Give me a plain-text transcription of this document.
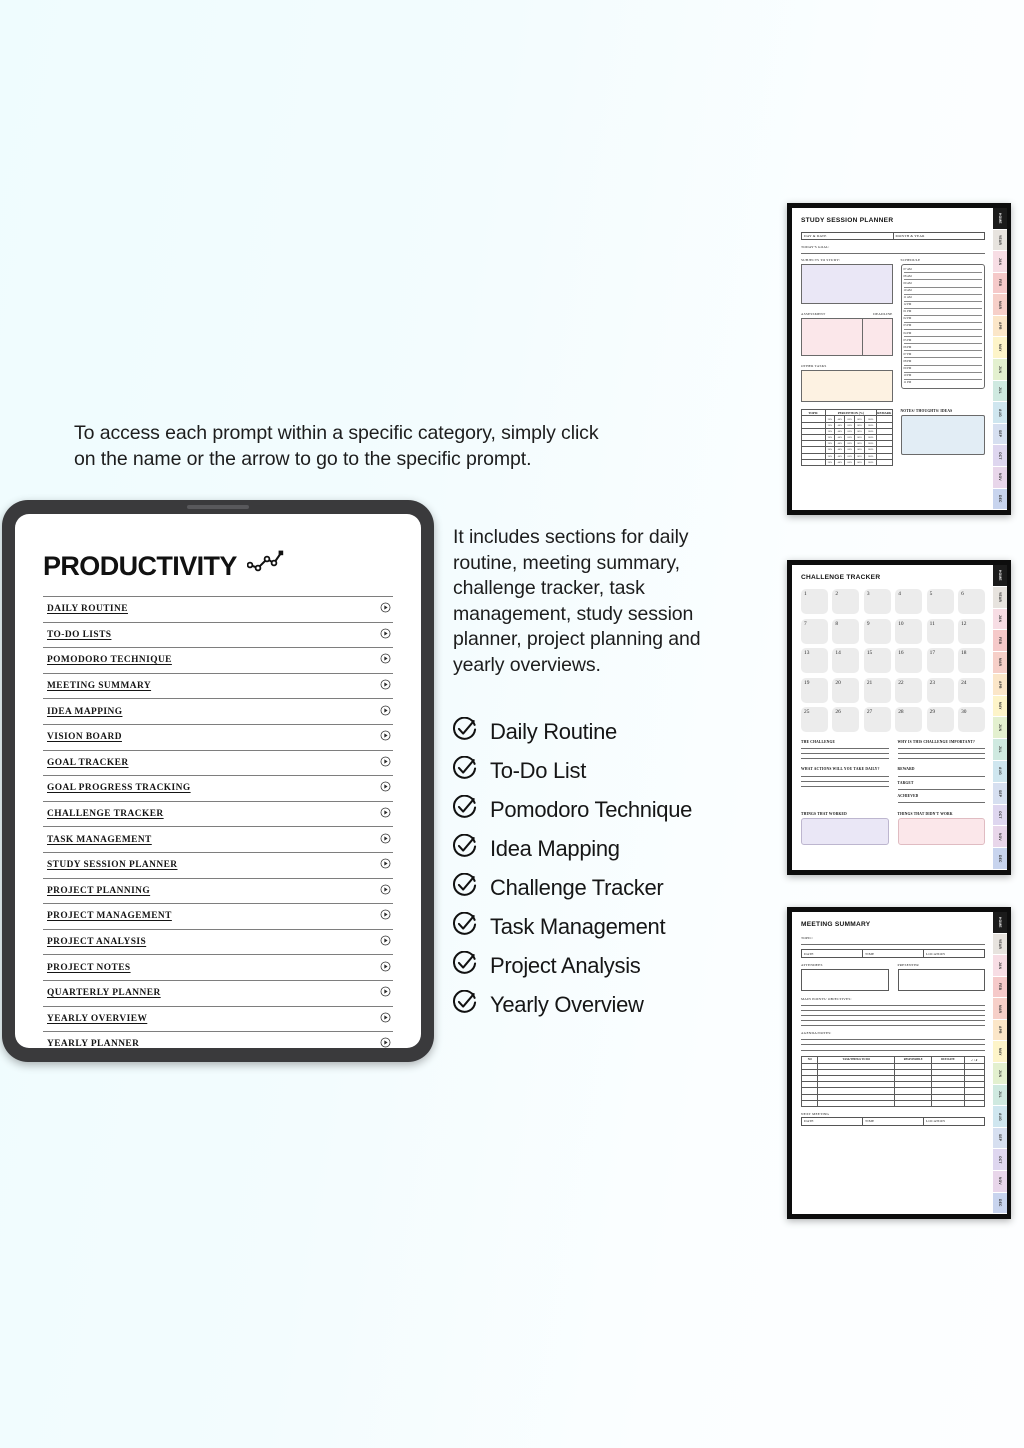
To access each prompt within a specific category, simply click
on the name or the arrow to go to the specific prompt.
PRODUCTIVITY
DAILY ROUTINE
TO-DO LISTS
POMODORO TECHNIQUE
MEETING SUMMARY
IDEA MAPPING
VISION BOARD
GOAL TRACKER
GOAL PROGRESS TRACKING
CHALLENGE TRACKER
TASK MANAGEMENT
STUDY SESSION PLANNER
PROJECT PLANNING
PROJECT MANAGEMENT
PROJECT ANALYSIS
PROJECT NOTES
QUARTERLY PLANNER
YEARLY OVERVIEW
YEARLY PLANNER
It includes sections for daily routine, meeting summary, challenge tracker, task management, study session planner, project planning and yearly overviews.
Daily Routine
To-Do List
Pomodoro Technique
Idea Mapping
Challenge Tracker
Task Management
Project Analysis
Yearly Overview
STUDY SESSION PLANNER
DAY & DATE	MONTH & YEAR
TODAY'S GOAL:
SUBJECTS TO STUDY:
ASSESSMENT	DEADLINE
OTHER TASKS
SCHEDULE
07 AM
08 AM
09 AM
10 AM
11 AM
12 PM
01 PM
02 PM
03 PM
04 PM
05 PM
06 PM
07 PM
08 PM
09 PM
10 PM
11 PM
TOPIC	PERCEPTION (%)					REMARK
	20%	40%	60%	80%	100%	
	20%	40%	60%	80%	100%	
	20%	40%	60%	80%	100%	
	20%	40%	60%	80%	100%	
	20%	40%	60%	80%	100%	
	20%	40%	60%	80%	100%	
	20%	40%	60%	80%	100%	
	20%	40%	60%	80%	100%	
NOTES/ THOUGHTS/ IDEAS
HOME
YEAR
JAN
FEB
MAR
APR
MAY
JUN
JUL
AUG
SEP
OCT
NOV
DEC
CHALLENGE TRACKER
1	2	3	4	5	6
7	8	9	10	11	12
13	14	15	16	17	18
19	20	21	22	23	24
25	26	27	28	29	30
THE CHALLENGE	WHY IS THIS CHALLENGE IMPORTANT?
WHAT ACTIONS WILL YOU TAKE DAILY?	REWARD
TARGET
ACHIEVED
THINGS THAT WORKED	THINGS THAT DIDN'T WORK
HOME
YEAR
JAN
FEB
MAR
APR
MAY
JUN
JUL
AUG
SEP
OCT
NOV
DEC
MEETING SUMMARY
TOPIC:
DATE	TIME	LOCATION
ATTENDEES	PRESENTER
MAIN POINTS/ OBJECTIVES:
AGENDA/NOTES:
NO	TASK/THINGS TO DO	RESPONSIBLE	DUE DATE	✓ / ✗

NEXT MEETING
DATE	TIME	LOCATION
HOME
YEAR
JAN
FEB
MAR
APR
MAY
JUN
JUL
AUG
SEP
OCT
NOV
DEC
